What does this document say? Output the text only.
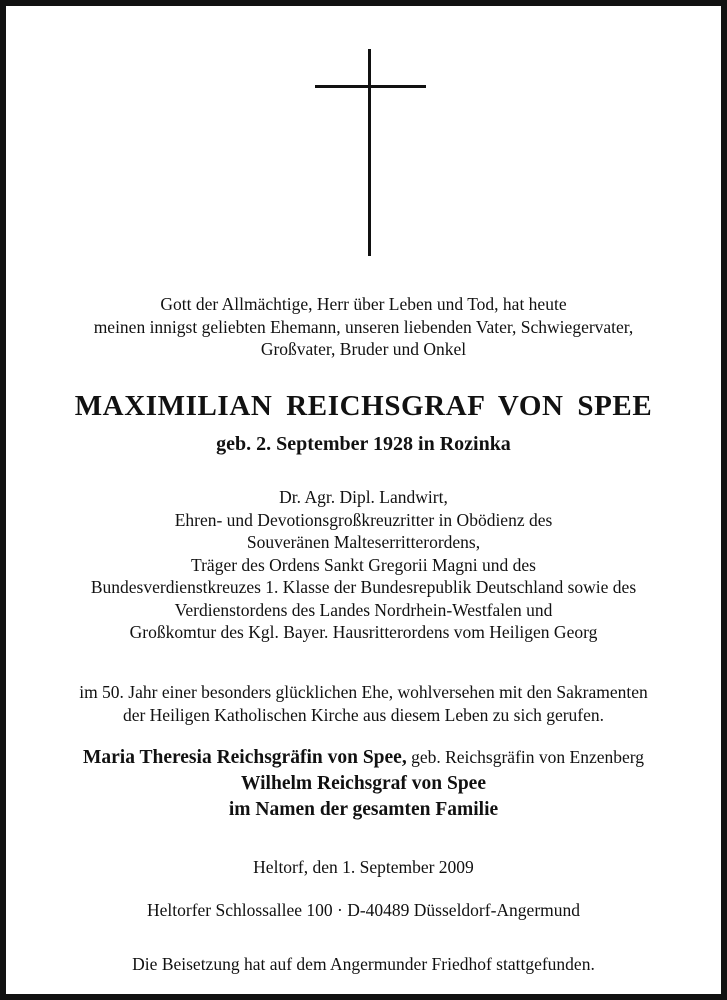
Gott der Allmächtige, Herr über Leben und Tod, hat heute
meinen innigst geliebten Ehemann, unseren liebenden Vater, Schwiegervater,
Großvater, Bruder und Onkel
MAXIMILIAN REICHSGRAF VON SPEE
geb. 2. September 1928 in Rozinka
Dr. Agr. Dipl. Landwirt,
Ehren- und Devotionsgroßkreuzritter in Obödienz des
Souveränen Malteserritterordens,
Träger des Ordens Sankt Gregorii Magni und des
Bundesverdienstkreuzes 1. Klasse der Bundesrepublik Deutschland sowie des
Verdienstordens des Landes Nordrhein-Westfalen und
Großkomtur des Kgl. Bayer. Hausritterordens vom Heiligen Georg
im 50. Jahr einer besonders glücklichen Ehe, wohlversehen mit den Sakramenten
der Heiligen Katholischen Kirche aus diesem Leben zu sich gerufen.
Maria Theresia Reichsgräfin von Spee, geb. Reichsgräfin von Enzenberg
Wilhelm Reichsgraf von Spee
im Namen der gesamten Familie
Heltorf, den 1. September 2009
Heltorfer Schlossallee 100 · D-40489 Düsseldorf-Angermund
Die Beisetzung hat auf dem Angermunder Friedhof stattgefunden.
